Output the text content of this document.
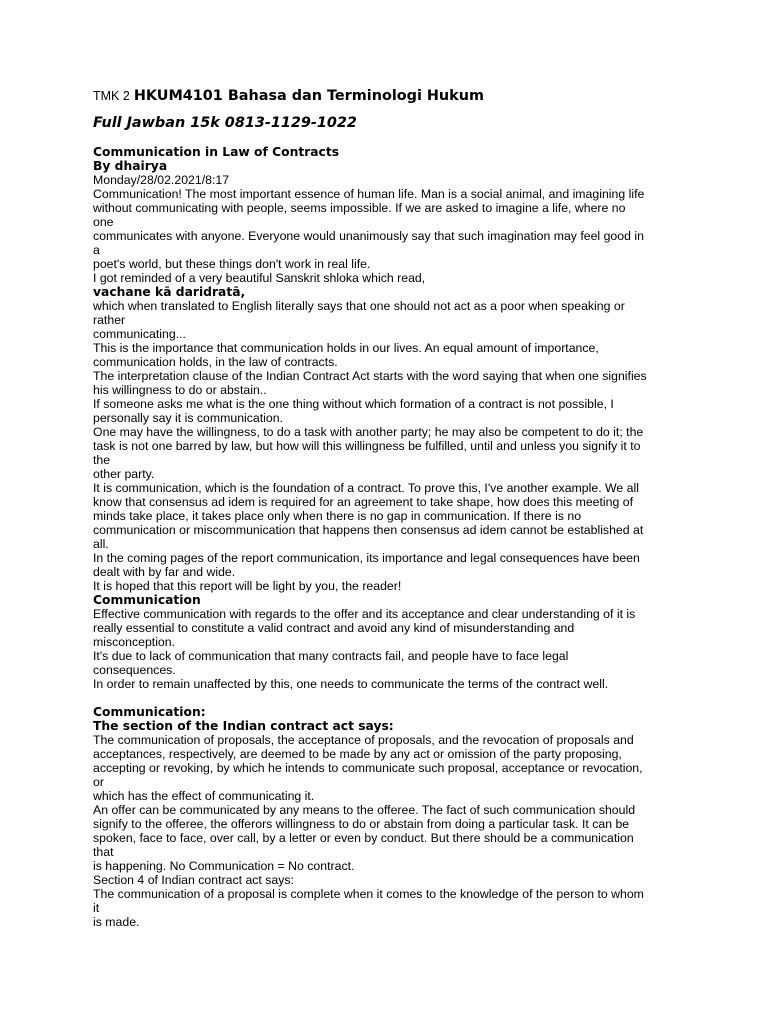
TMK 2 HKUM4101 Bahasa dan Terminologi Hukum

Full Jawban 15k 0813-1129-1022

Communication in Law of Contracts
By dhairya
Monday/28/02.2021/8:17
Communication! The most important essence of human life. Man is a social animal, and imagining life
without communicating with people, seems impossible. If we are asked to imagine a life, where no
one
communicates with anyone. Everyone would unanimously say that such imagination may feel good in
a
poet's world, but these things don't work in real life.
I got reminded of a very beautiful Sanskrit shloka which read,
vachane kā daridratā,
which when translated to English literally says that one should not act as a poor when speaking or
rather
communicating...
This is the importance that communication holds in our lives. An equal amount of importance,
communication holds, in the law of contracts.
The interpretation clause of the Indian Contract Act starts with the word saying that when one signifies
his willingness to do or abstain..
If someone asks me what is the one thing without which formation of a contract is not possible, I
personally say it is communication.
One may have the willingness, to do a task with another party; he may also be competent to do it; the
task is not one barred by law, but how will this willingness be fulfilled, until and unless you signify it to
the
other party.
It is communication, which is the foundation of a contract. To prove this, I've another example. We all
know that consensus ad idem is required for an agreement to take shape, how does this meeting of
minds take place, it takes place only when there is no gap in communication. If there is no
communication or miscommunication that happens then consensus ad idem cannot be established at
all.
In the coming pages of the report communication, its importance and legal consequences have been
dealt with by far and wide.
It is hoped that this report will be light by you, the reader!
Communication
Effective communication with regards to the offer and its acceptance and clear understanding of it is
really essential to constitute a valid contract and avoid any kind of misunderstanding and
misconception.
It's due to lack of communication that many contracts fail, and people have to face legal
consequences.
In order to remain unaffected by this, one needs to communicate the terms of the contract well.
Communication:
The section of the Indian contract act says:
The communication of proposals, the acceptance of proposals, and the revocation of proposals and
acceptances, respectively, are deemed to be made by any act or omission of the party proposing,
accepting or revoking, by which he intends to communicate such proposal, acceptance or revocation,
or
which has the effect of communicating it.
An offer can be communicated by any means to the offeree. The fact of such communication should
signify to the offeree, the offerors willingness to do or abstain from doing a particular task. It can be
spoken, face to face, over call, by a letter or even by conduct. But there should be a communication
that
is happening. No Communication = No contract.
Section 4 of Indian contract act says:
The communication of a proposal is complete when it comes to the knowledge of the person to whom
it
is made.
